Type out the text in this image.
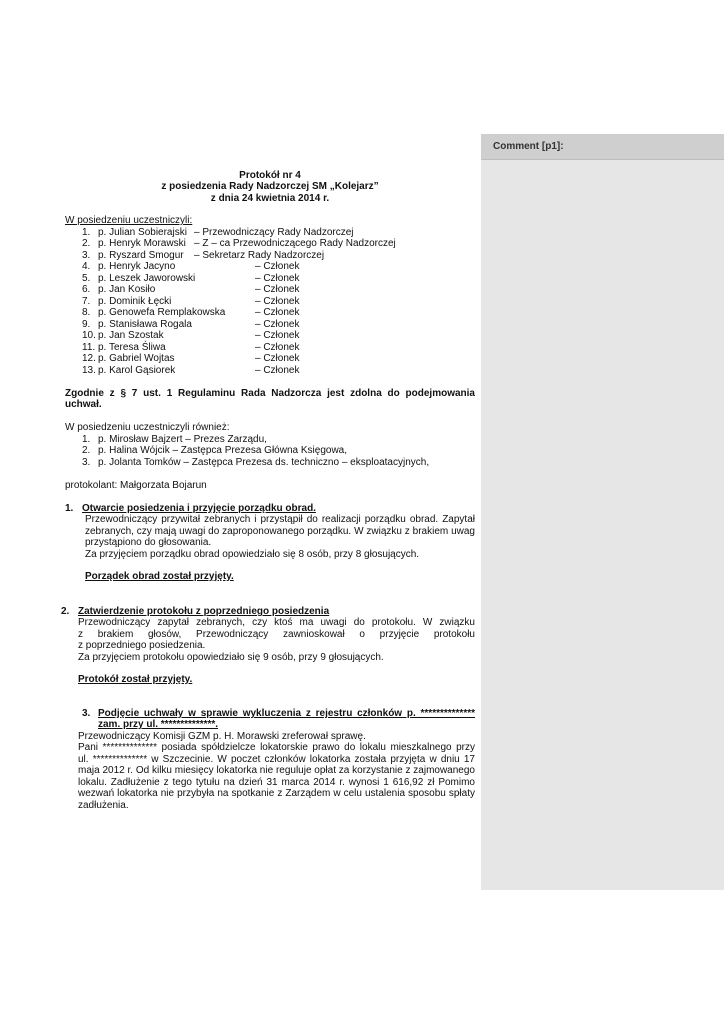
Comment [p1]:
Protokół nr 4
z posiedzenia Rady Nadzorczej SM „Kolejarz”
z dnia 24 kwietnia 2014 r.
W posiedzeniu uczestniczyli:
1. p. Julian Sobierajski – Przewodniczący Rady Nadzorczej
2. p. Henryk Morawski – Z – ca Przewodniczącego Rady Nadzorczej
3. p. Ryszard Smogur – Sekretarz Rady Nadzorczej
4. p. Henryk Jacyno	– Członek
5. p. Leszek Jaworowski	– Członek
6. p. Jan Kosiło	– Członek
7. p. Dominik Łęcki	– Członek
8. p. Genowefa Remplakowska	– Członek
9. p. Stanisława Rogala	– Członek
10. p. Jan Szostak	– Członek
11. p. Teresa Śliwa	– Członek
12. p. Gabriel Wojtas	– Członek
13. p. Karol Gąsiorek	– Członek
Zgodnie z § 7 ust. 1 Regulaminu Rada Nadzorcza jest zdolna do podejmowania
uchwał.
W posiedzeniu uczestniczyli również:
1. p. Mirosław Bajzert – Prezes Zarządu,
2. p. Halina Wójcik – Zastępca Prezesa Główna Księgowa,
3. p. Jolanta Tomków – Zastępca Prezesa ds. techniczno – eksploatacyjnych,
protokolant: Małgorzata Bojarun
1. Otwarcie posiedzenia i przyjęcie porządku obrad.
Przewodniczący przywitał zebranych i przystąpił do realizacji porządku obrad. Zapytał
zebranych, czy mają uwagi do zaproponowanego porządku. W związku z brakiem uwag
przystąpiono do głosowania.
Za przyjęciem porządku obrad opowiedziało się 8 osób, przy 8 głosujących.
Porządek obrad został przyjęty.
2. Zatwierdzenie protokołu z poprzedniego posiedzenia
Przewodniczący zapytał zebranych, czy ktoś ma uwagi do protokołu. W związku
z brakiem głosów, Przewodniczący zawnioskował o przyjęcie protokołu
z poprzedniego posiedzenia.
Za przyjęciem protokołu opowiedziało się 9 osób, przy 9 głosujących.
Protokół został przyjęty.
3. Podjęcie uchwały w sprawie wykluczenia z rejestru członków p. **************
zam. przy ul. **************.
Przewodniczący Komisji GZM p. H. Morawski zreferował sprawę.
Pani ************** posiada spółdzielcze lokatorskie prawo do lokalu mieszkalnego przy
ul. ************** w Szczecinie. W poczet członków lokatorka została przyjęta w dniu 17
maja 2012 r. Od kilku miesięcy lokatorka nie reguluje opłat za korzystanie z zajmowanego
lokalu. Zadłużenie z tego tytułu na dzień 31 marca 2014 r. wynosi 1 616,92 zł Pomimo
wezwań lokatorka nie przybyła na spotkanie z Zarządem w celu ustalenia sposobu spłaty
zadłużenia.
